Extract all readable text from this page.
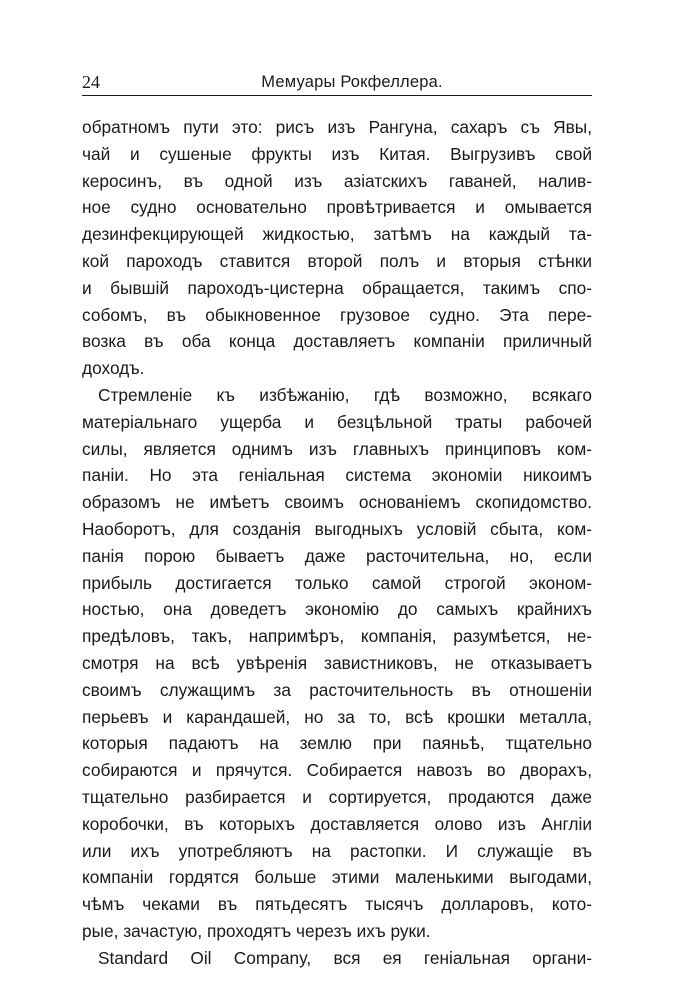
24	Мемуары Рокфеллера.
обратномъ пути это: рисъ изъ Рангуна, сахаръ съ Явы,
чай и сушеные фрукты изъ Китая. Выгрузивъ свой
керосинъ, въ одной изъ азіатскихъ гаваней, налив-
ное судно основательно провѣтривается и омывается
дезинфекцирующей жидкостью, затѣмъ на каждый та-
кой пароходъ ставится второй полъ и вторыя стѣнки
и бывшій пароходъ-цистерна обращается, такимъ спо-
собомъ, въ обыкновенное грузовое судно. Эта пере-
возка въ оба конца доставляетъ компаніи приличный
доходъ.
Стремленіе къ избѣжанію, гдѣ возможно, всякаго
матеріальнаго ущерба и безцѣльной траты рабочей
силы, является однимъ изъ главныхъ принциповъ ком-
паніи. Но эта геніальная система экономіи никоимъ
образомъ не имѣетъ своимъ основаніемъ скопидомство.
Наоборотъ, для созданія выгодныхъ условій сбыта, ком-
панія порою бываетъ даже расточительна, но, если
прибыль достигается только самой строгой эконом-
ностью, она доведетъ экономію до самыхъ крайнихъ
предѣловъ, такъ, напримѣръ, компанія, разумѣется, не-
смотря на всѣ увѣренія завистниковъ, не отказываетъ
своимъ служащимъ за расточительность въ отношеніи
перьевъ и карандашей, но за то, всѣ крошки металла,
которыя падаютъ на землю при паяньѣ, тщательно
собираются и прячутся. Собирается навозъ во дворахъ,
тщательно разбирается и сортируется, продаются даже
коробочки, въ которыхъ доставляется олово изъ Англіи
или ихъ употребляютъ на растопки. И служащіе въ
компаніи гордятся больше этими маленькими выгодами,
чѣмъ чеками въ пятьдесятъ тысячъ долларовъ, кото-
рые, зачастую, проходятъ черезъ ихъ руки.
Standard Oil Company, вся ея геніальная органи-
